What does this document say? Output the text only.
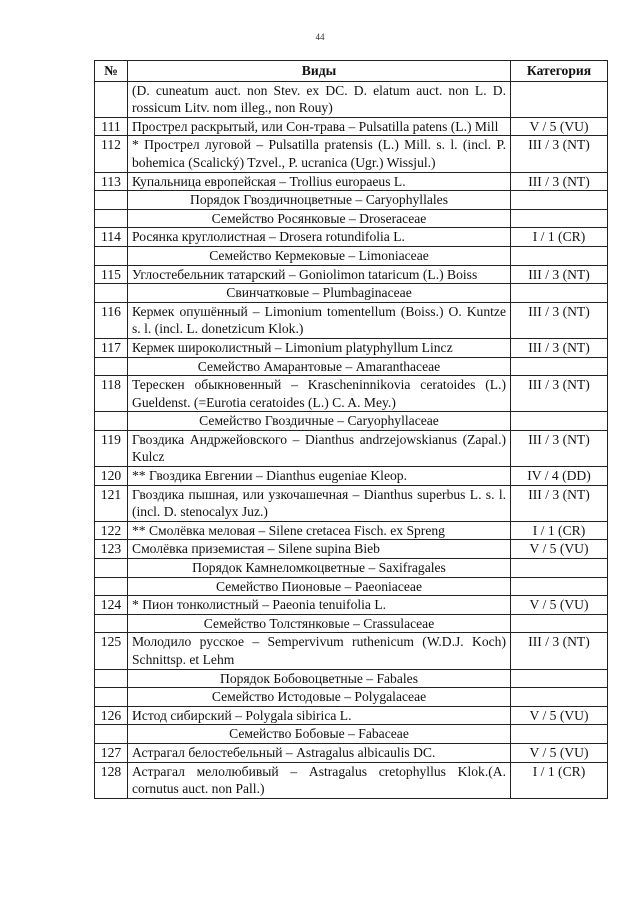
44
№	Виды	Категория
	(D. cuneatum auct. non Stev. ex DC. D. elatum auct. non L. D. rossicum Litv. nom illeg., non Rouy)	
111	Прострел раскрытый, или Сон-трава – Pulsatilla patens (L.) Mill	V / 5 (VU)
112	* Прострел луговой – Pulsatilla pratensis (L.) Mill. s. l. (incl. P. bohemica (Scalický) Tzvel., P. ucranica (Ugr.) Wissjul.)	III / 3 (NT)
113	Купальница европейская – Trollius europaeus L.	III / 3 (NT)
	Порядок Гвоздичноцветные – Caryophyllales	
	Семейство Росянковые – Droseraceae	
114	Росянка круглолистная – Drosera rotundifolia L.	I / 1 (CR)
	Семейство Кермековые – Limoniaceae	
115	Углостебельник татарский – Goniolimon tataricum (L.) Boiss	III / 3 (NT)
	Свинчатковые – Plumbaginaceae	
116	Кермек опушённый – Limonium tomentellum (Boiss.) O. Kuntze s. l. (incl. L. donetzicum Klok.)	III / 3 (NT)
117	Кермек широколистный – Limonium platyphyllum Lincz	III / 3 (NT)
	Семейство Амарантовые – Amaranthaceae	
118	Терескен обыкновенный – Krascheninnikovia ceratoides (L.) Gueldenst. (=Eurotia ceratoides (L.) C. A. Mey.)	III / 3 (NT)
	Семейство Гвоздичные – Caryophyllaceae	
119	Гвоздика Андржейовского – Dianthus andrzejowskianus (Zapal.) Kulcz	III / 3 (NT)
120	** Гвоздика Евгении – Dianthus eugeniae Kleop.	IV / 4 (DD)
121	Гвоздика пышная, или узкочашечная – Dianthus superbus L. s. l. (incl. D. stenocalyx Juz.)	III / 3 (NT)
122	** Смолёвка меловая – Silene cretacea Fisch. ex Spreng	I / 1 (CR)
123	Смолёвка приземистая – Silene supina Bieb	V / 5 (VU)
	Порядок Камнеломкоцветные – Saxifragales	
	Семейство Пионовые – Paeoniaceae	
124	* Пион тонколистный – Paeonia tenuifolia L.	V / 5 (VU)
	Семейство Толстянковые – Crassulaceae	
125	Молодило русское – Sempervivum ruthenicum (W.D.J. Koch) Schnittsp. et Lehm	III / 3 (NT)
	Порядок Бобовоцветные – Fabales	
	Семейство Истодовые – Polygalaceae	
126	Истод сибирский – Polygala sibirica L.	V / 5 (VU)
	Семейство Бобовые – Fabaceae	
127	Астрагал белостебельный – Astragalus albicaulis DC.	V / 5 (VU)
128	Астрагал мелолюбивый – Astragalus cretophyllus Klok.(A. cornutus auct. non Pall.)	I / 1 (CR)
